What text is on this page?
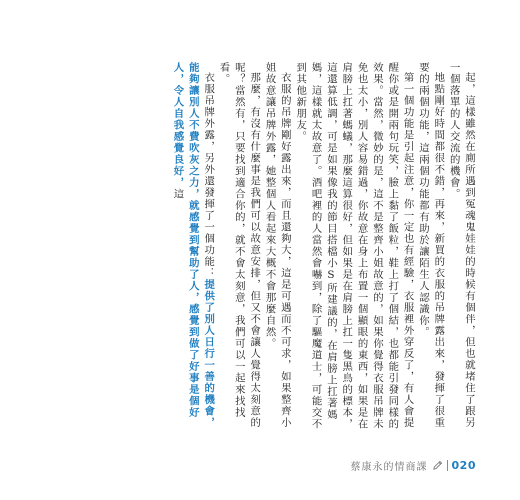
起，這樣雖然在廁所遇到冤魂鬼娃娃的時候有個伴，但也就堵住了跟另一個落單的人交流的機會。

地點剛好時間都很不錯，再來，新買的衣服的吊牌露出來，發揮了很重要的兩個功能，這兩個功能都有助於讓陌生人認識你。

第一個功能是引起注意，你一定也有經驗，衣服裡外穿反了，有人會提醒你或是開兩句玩笑，臉上黏了飯粒，鞋上打了個結，也都能引發同樣的效果。當然，微妙的是，這不是整齊小姐故意的，如果你覺得衣服吊牌未免也太小，別人容易錯過，你故意在身上布置一個顯眼的東西，如果是在肩膀上扛著螞蟻，那麼這算很好，但如果是在肩膀上扛一隻黑鳥的標本，這還算低調，可是如果像我的節目搭檔小S所建議的，在肩膀上扛著媽媽，這樣就太故意了。酒吧裡的人當然會嚇到，除了驅魔道士，可能交不到其他新朋友。

衣服的吊牌剛好露出來，而且還夠大，這是可遇而不可求，如果整齊小姐故意讓吊牌外露，她整個人看起來大概不會那麼自然。

那麼，有沒有什麼事是我們可以故意安排，但又不會讓人覺得太刻意的呢？當然有，只要找到適合你的，就不會太刻意，我們可以一起來找找看。

衣服吊牌外露，另外還發揮了一個功能：提供了別人日行一善的機會，能夠讓別人不費吹灰之力，就感覺到幫助了人，感覺到做了好事是個好人，令人自我感覺良好，這

蔡康永的情商課 020
